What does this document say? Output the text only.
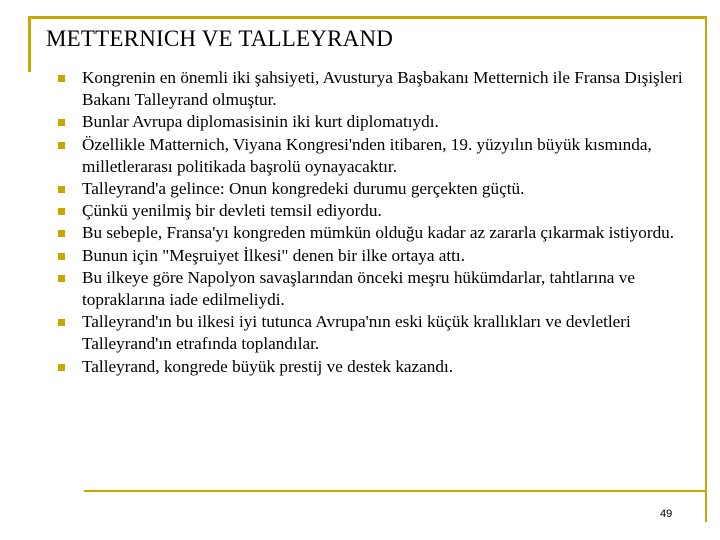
METTERNICH VE TALLEYRAND
Kongrenin en önemli iki şahsiyeti, Avusturya Başbakanı Metternich ile Fransa Dışişleri Bakanı Talleyrand olmuştur.
Bunlar Avrupa diplomasisinin iki kurt diplomatıydı.
Özellikle Matternich, Viyana Kongresi'nden itibaren, 19. yüzyılın büyük kısmında, milletlerarası politikada başrolü oynayacaktır.
Talleyrand'a gelince: Onun kongredeki durumu gerçekten güçtü.
Çünkü yenilmiş bir devleti temsil ediyordu.
Bu sebeple, Fransa'yı kongreden mümkün olduğu kadar az zararla çıkarmak istiyordu.
Bunun için "Meşruiyet İlkesi" denen bir ilke ortaya attı.
Bu ilkeye göre Napolyon savaşlarından önceki meşru hükümdarlar, tahtlarına ve topraklarına iade edilmeliydi.
Talleyrand'ın bu ilkesi iyi tutunca Avrupa'nın eski küçük krallıkları ve devletleri Talleyrand'ın etrafında toplandılar.
Talleyrand, kongrede büyük prestij ve destek kazandı.
49
